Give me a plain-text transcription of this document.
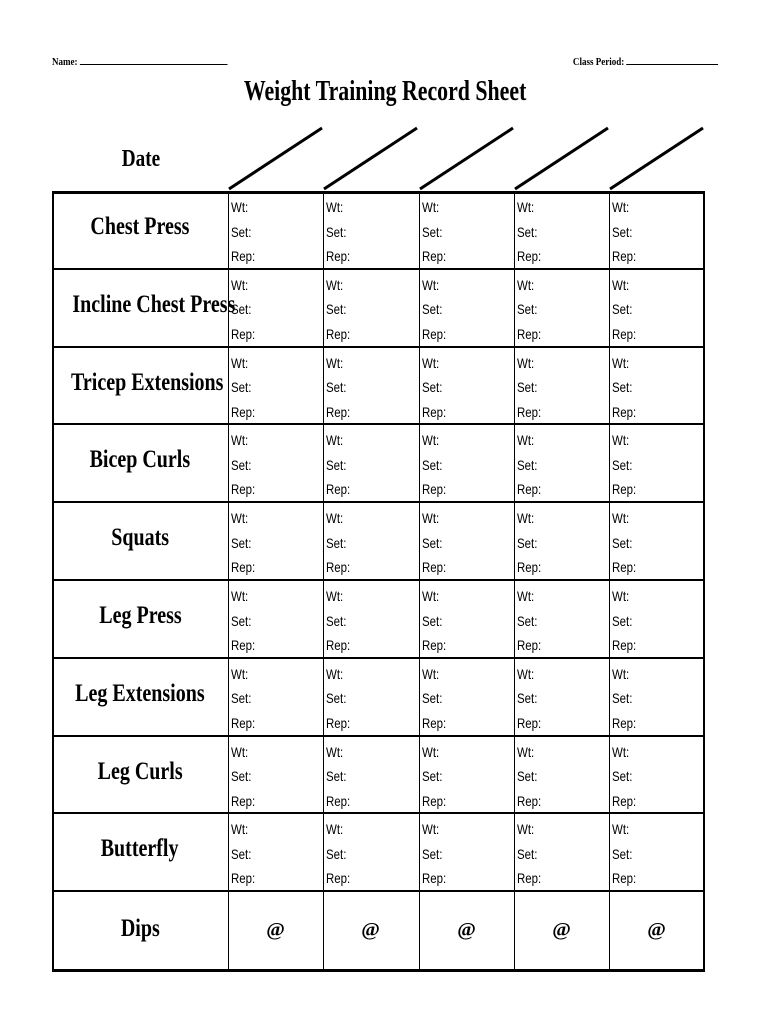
Name:	Class Period:
Weight Training Record Sheet
Date
Chest Press
Wt:
Set:
Rep:
Wt:
Set:
Rep:
Wt:
Set:
Rep:
Wt:
Set:
Rep:
Wt:
Set:
Rep:
Incline Chest Press
Wt:
Set:
Rep:
Wt:
Set:
Rep:
Wt:
Set:
Rep:
Wt:
Set:
Rep:
Wt:
Set:
Rep:
Tricep Extensions
Wt:
Set:
Rep:
Wt:
Set:
Rep:
Wt:
Set:
Rep:
Wt:
Set:
Rep:
Wt:
Set:
Rep:
Bicep Curls
Wt:
Set:
Rep:
Wt:
Set:
Rep:
Wt:
Set:
Rep:
Wt:
Set:
Rep:
Wt:
Set:
Rep:
Squats
Wt:
Set:
Rep:
Wt:
Set:
Rep:
Wt:
Set:
Rep:
Wt:
Set:
Rep:
Wt:
Set:
Rep:
Leg Press
Wt:
Set:
Rep:
Wt:
Set:
Rep:
Wt:
Set:
Rep:
Wt:
Set:
Rep:
Wt:
Set:
Rep:
Leg Extensions
Wt:
Set:
Rep:
Wt:
Set:
Rep:
Wt:
Set:
Rep:
Wt:
Set:
Rep:
Wt:
Set:
Rep:
Leg Curls
Wt:
Set:
Rep:
Wt:
Set:
Rep:
Wt:
Set:
Rep:
Wt:
Set:
Rep:
Wt:
Set:
Rep:
Butterfly
Wt:
Set:
Rep:
Wt:
Set:
Rep:
Wt:
Set:
Rep:
Wt:
Set:
Rep:
Wt:
Set:
Rep:
Dips	@	@	@	@	@
